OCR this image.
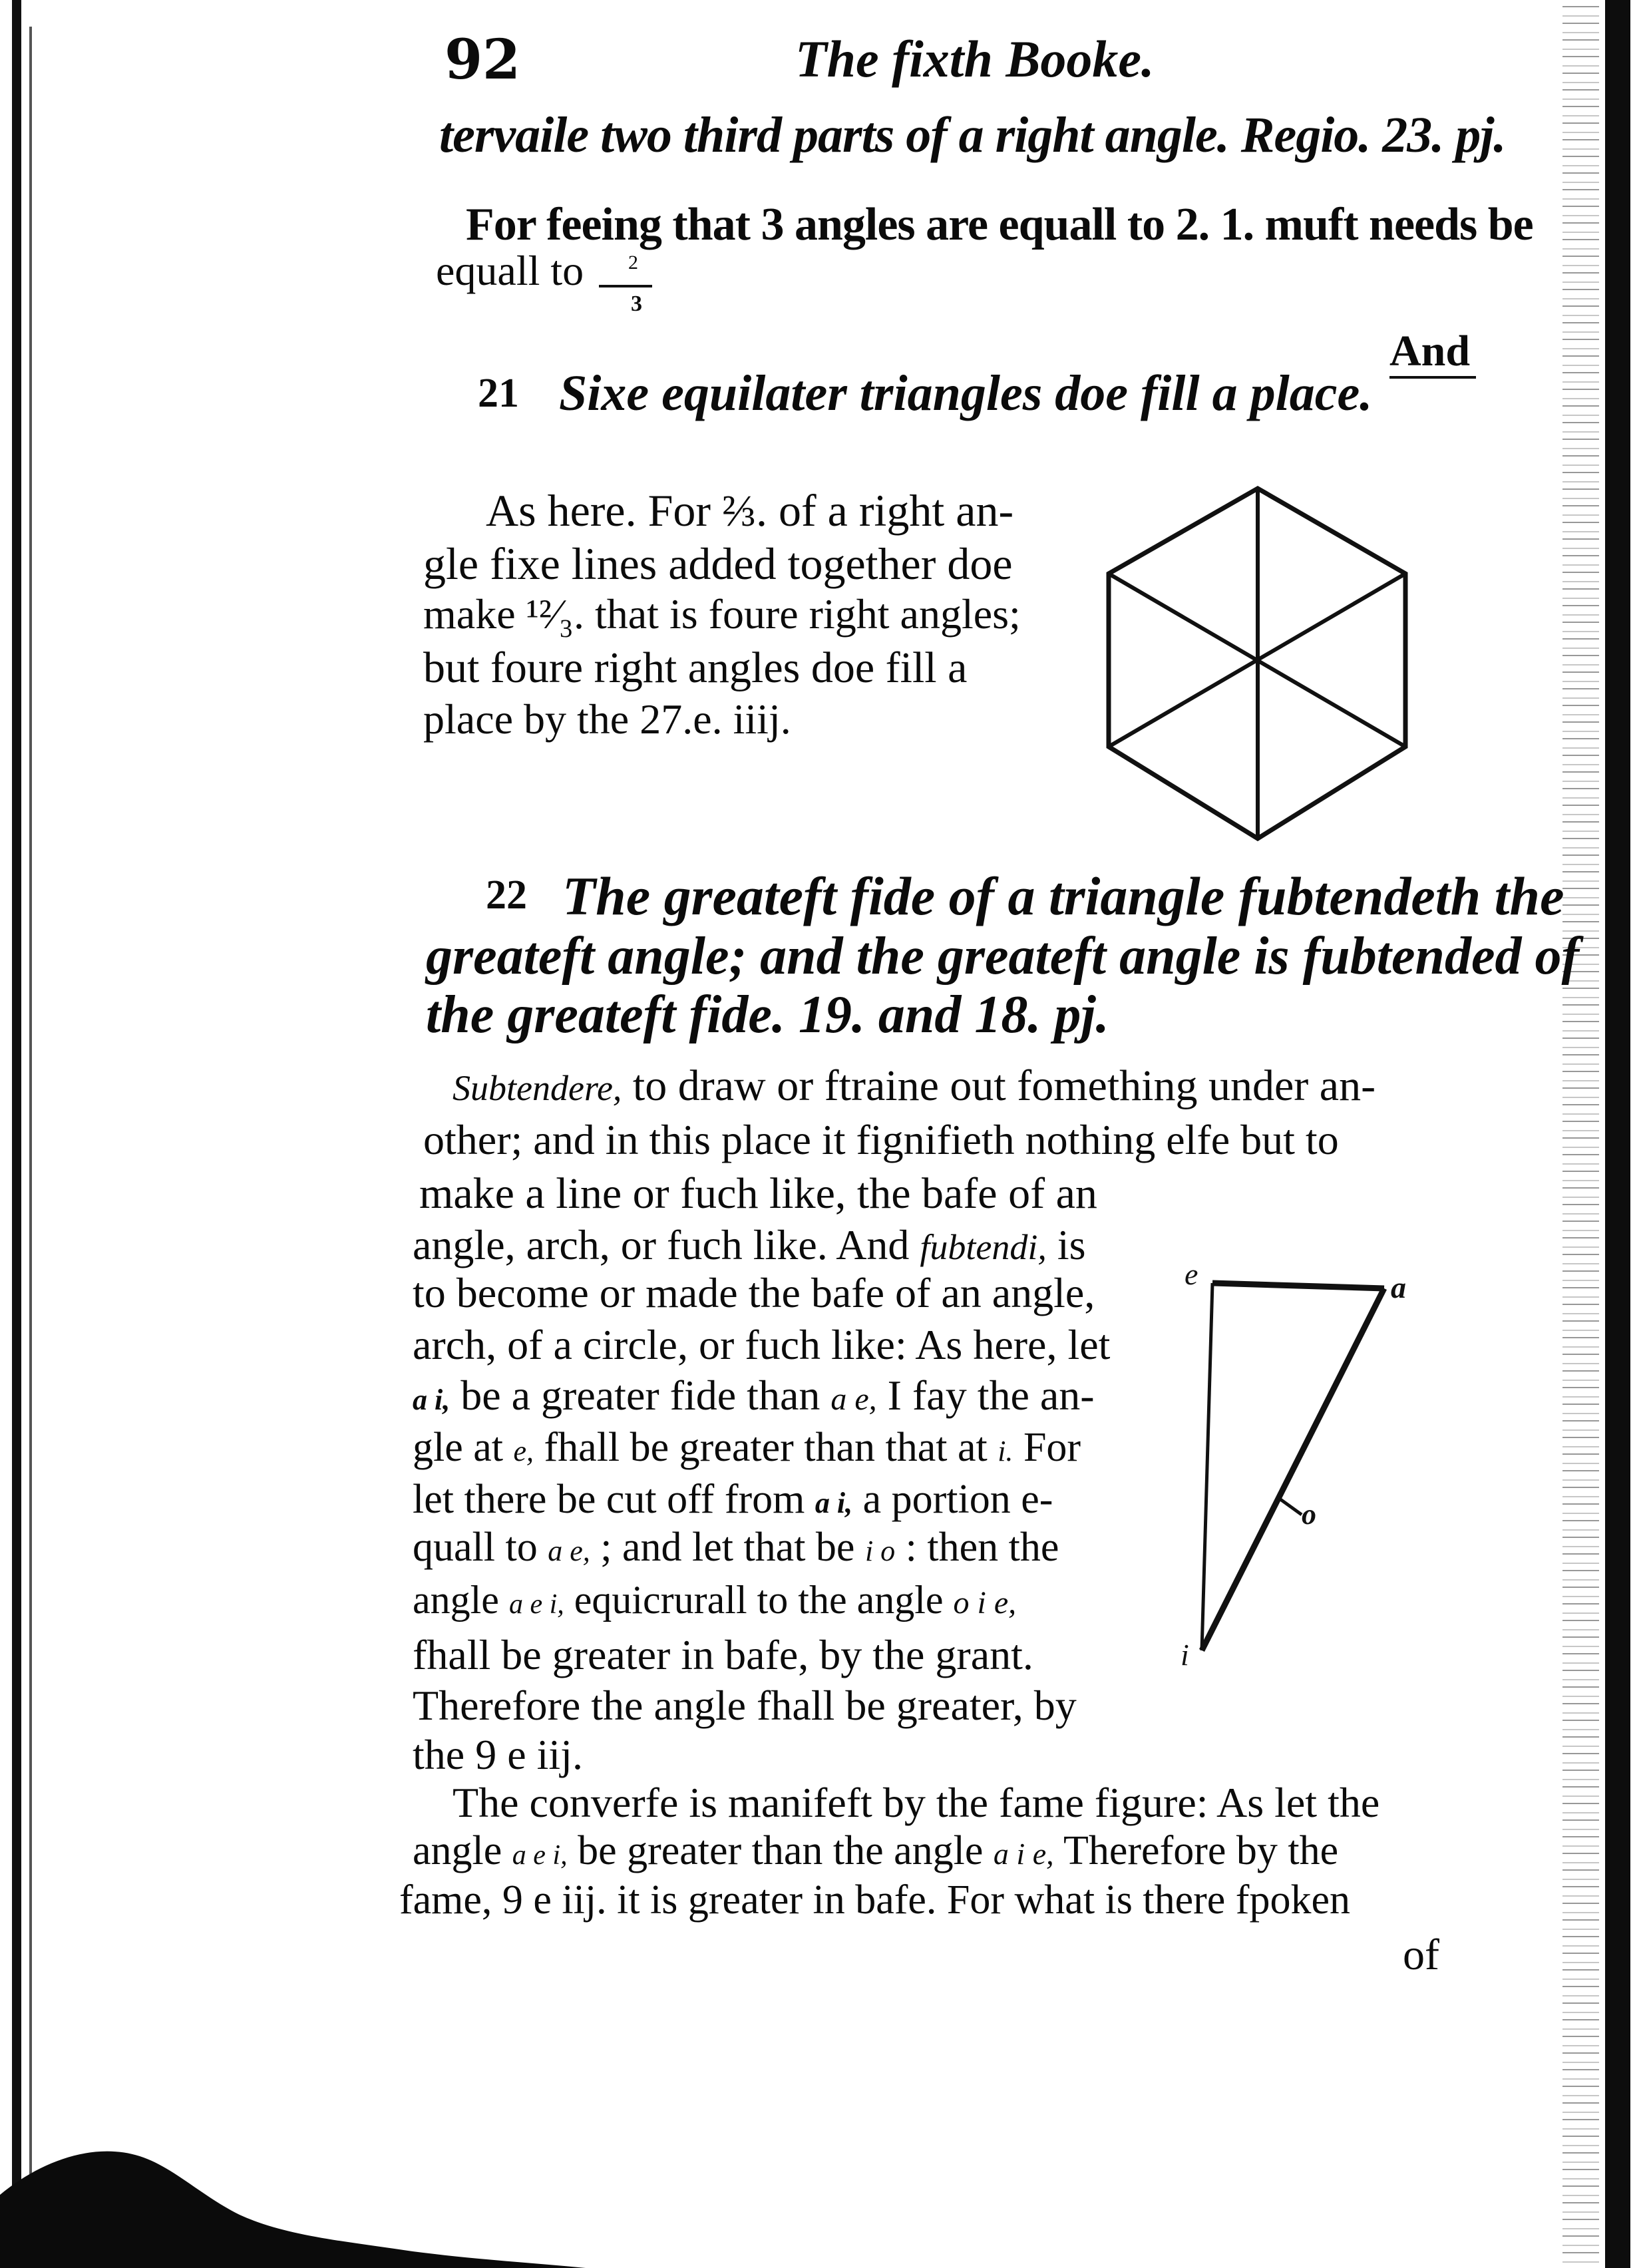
92	The fixth Booke.
tervaile two third parts of a right angle. Regio. 23. pj.
For feeing that 3 angles are equall to 2. 1. muft needs be
equall to 2
3
And
21 Sixe equilater triangles doe fill a place.
As here. For ⅔. of a right an-
gle fixe lines added together doe
make ¹²⁄₃. that is foure right angles;
but foure right angles doe fill a
place by the 27.e. iiij.
22 The greateft fide of a triangle fubtendeth the
greateft angle; and the greateft angle is fubtended of
the greateft fide. 19. and 18. pj.
Subtendere, to draw or ftraine out fomething under an-
other; and in this place it fignifieth nothing elfe but to
make a line or fuch like, the bafe of an
angle, arch, or fuch like. And fubtendi, is
to become or made the bafe of an angle,
arch, of a circle, or fuch like: As here, let
a i, be a greater fide than a e, I fay the an-
gle at e, fhall be greater than that at i. For
let there be cut off from a i, a portion e-
quall to a e, ; and let that be i o : then the
angle a e i, equicrurall to the angle o i e,
fhall be greater in bafe, by the grant.
Therefore the angle fhall be greater, by
the 9 e iij.
e	a
o
i
The converfe is manifeft by the fame figure: As let the
angle a e i, be greater than the angle a i e, Therefore by the
fame, 9 e iij. it is greater in bafe. For what is there fpoken
of
